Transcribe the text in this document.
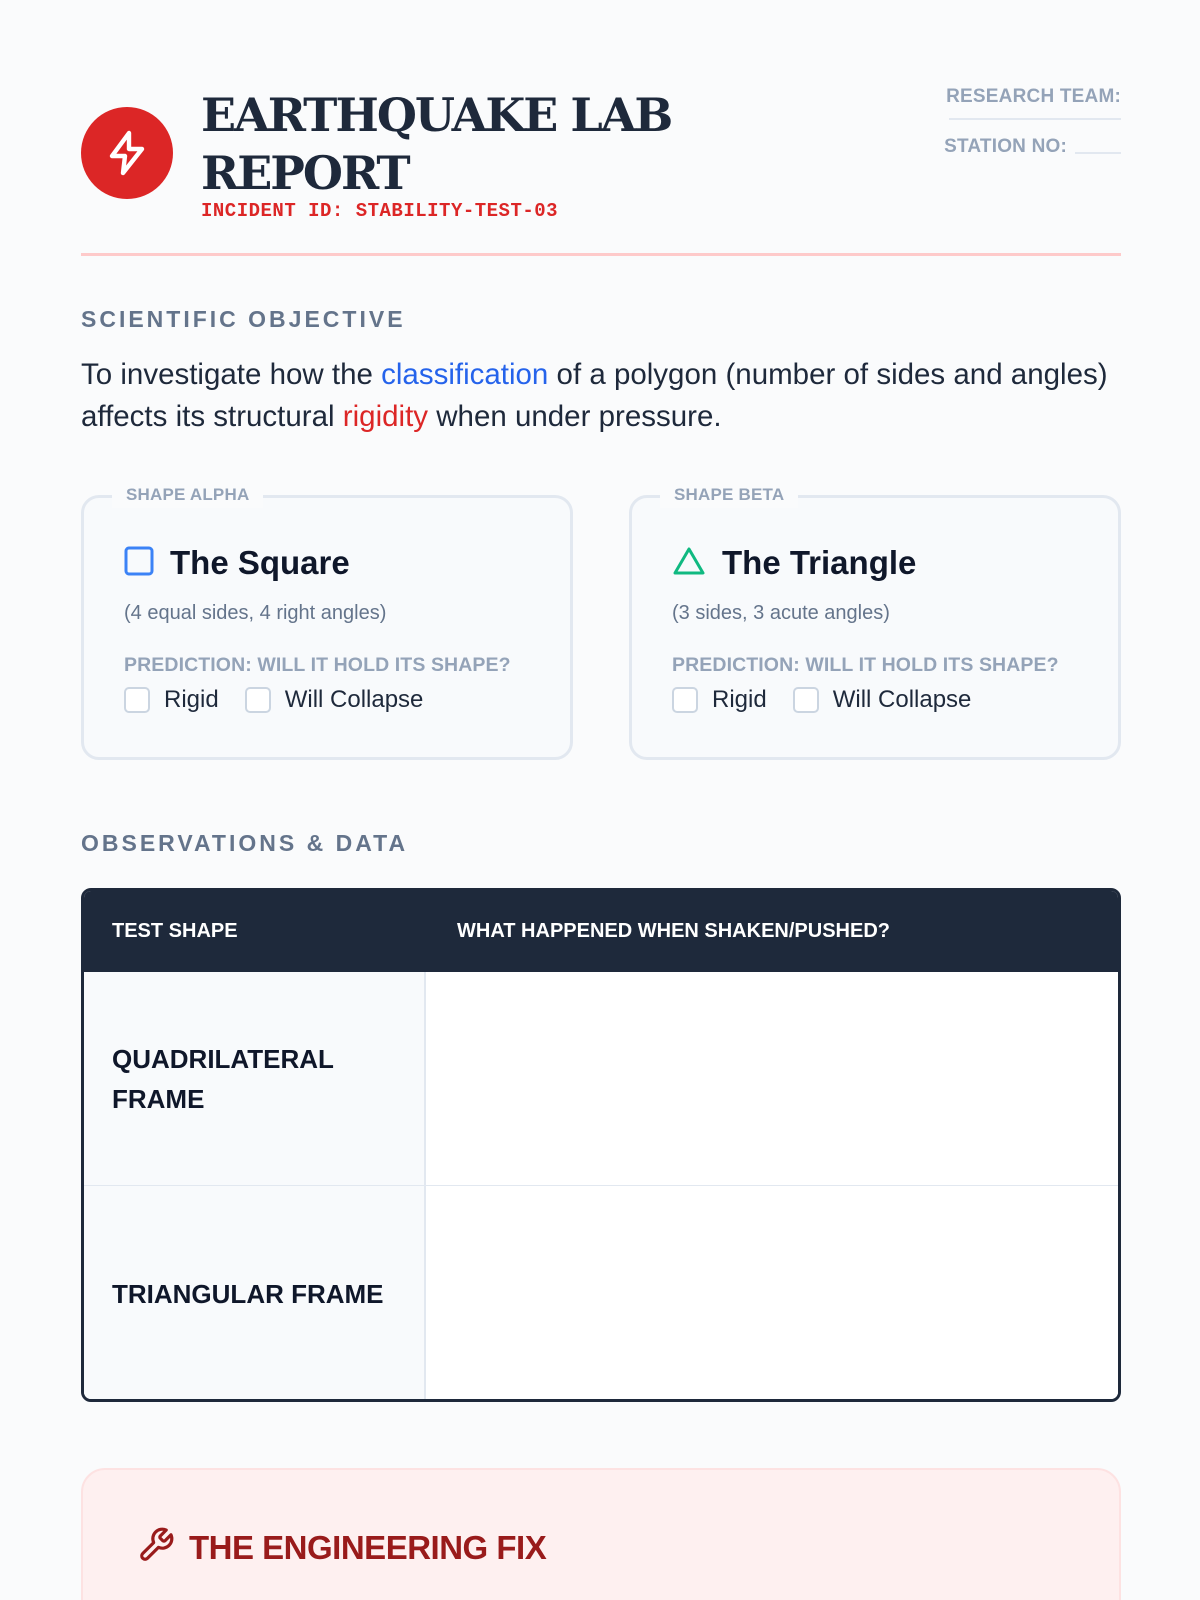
EARTHQUAKE LAB REPORT
INCIDENT ID: STABILITY-TEST-03
RESEARCH TEAM:
STATION NO:
SCIENTIFIC OBJECTIVE
To investigate how the classification of a polygon (number of sides and angles) affects its structural rigidity when under pressure.
SHAPE ALPHA
The Square
(4 equal sides, 4 right angles)
PREDICTION: WILL IT HOLD ITS SHAPE?
Rigid	Will Collapse
SHAPE BETA
The Triangle
(3 sides, 3 acute angles)
PREDICTION: WILL IT HOLD ITS SHAPE?
Rigid	Will Collapse
OBSERVATIONS & DATA
TEST SHAPE	WHAT HAPPENED WHEN SHAKEN/PUSHED?
QUADRILATERAL FRAME
TRIANGULAR FRAME
THE ENGINEERING FIX
